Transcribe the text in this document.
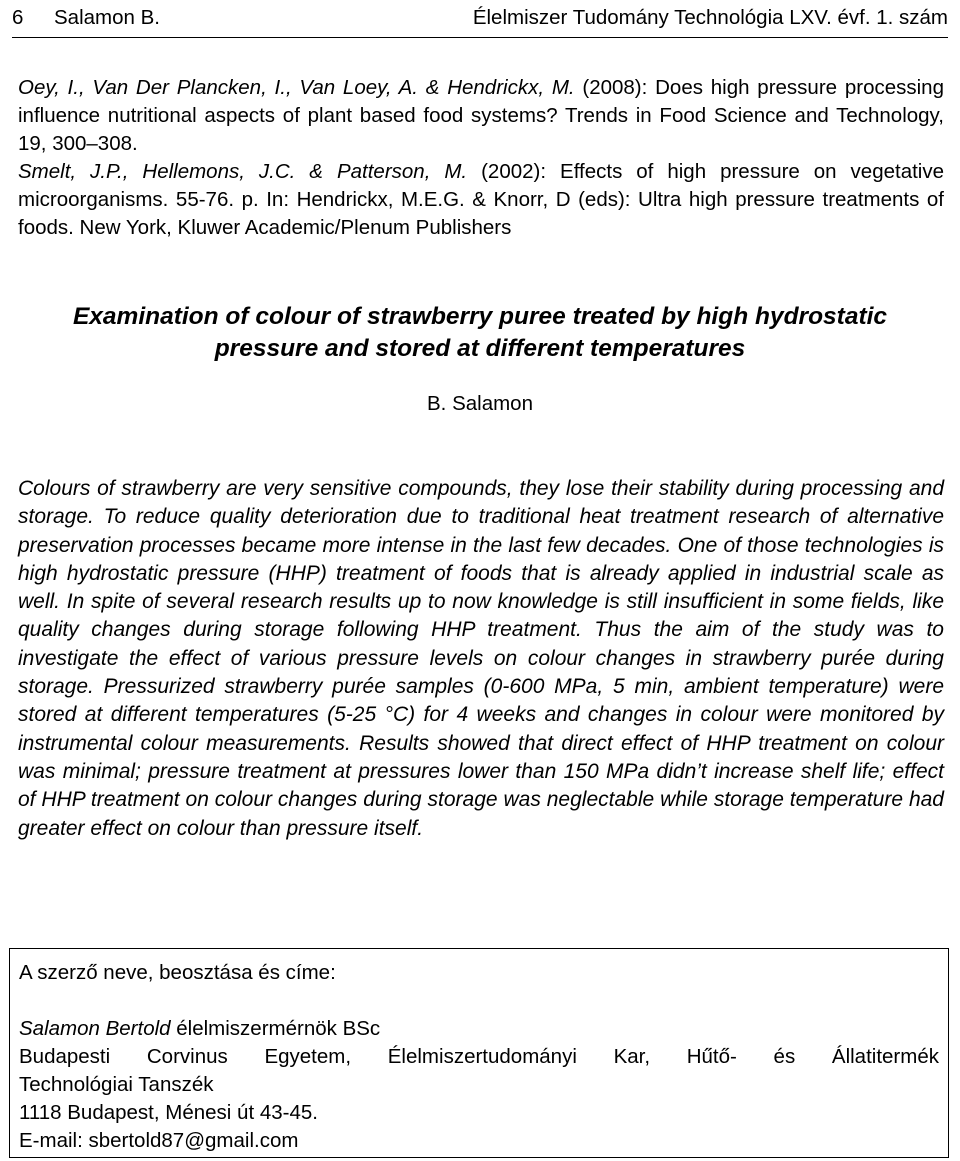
6 Salamon B.	Élelmiszer Tudomány Technológia LXV. évf. 1. szám

Oey, I., Van Der Plancken, I., Van Loey, A. & Hendrickx, M. (2008): Does high pressure processing influence nutritional aspects of plant based food systems? Trends in Food Science and Technology, 19, 300–308.

Smelt, J.P., Hellemons, J.C. & Patterson, M. (2002): Effects of high pressure on vegetative microorganisms. 55-76. p. In: Hendrickx, M.E.G. & Knorr, D (eds): Ultra high pressure treatments of foods. New York, Kluwer Academic/Plenum Publishers

Examination of colour of strawberry puree treated by high hydrostatic pressure and stored at different temperatures
B. Salamon
Colours of strawberry are very sensitive compounds, they lose their stability during processing and storage. To reduce quality deterioration due to traditional heat treatment research of alternative preservation processes became more intense in the last few decades. One of those technologies is high hydrostatic pressure (HHP) treatment of foods that is already applied in industrial scale as well. In spite of several research results up to now knowledge is still insufficient in some fields, like quality changes during storage following HHP treatment. Thus the aim of the study was to investigate the effect of various pressure levels on colour changes in strawberry purée during storage. Pressurized strawberry purée samples (0-600 MPa, 5 min, ambient temperature) were stored at different temperatures (5-25 °C) for 4 weeks and changes in colour were monitored by instrumental colour measurements. Results showed that direct effect of HHP treatment on colour was minimal; pressure treatment at pressures lower than 150 MPa didn’t increase shelf life; effect of HHP treatment on colour changes during storage was neglectable while storage temperature had greater effect on colour than pressure itself.

A szerző neve, beosztása és címe:

Salamon Bertold élelmiszermérnök BSc

Budapesti Corvinus Egyetem, Élelmiszertudományi Kar, Hűtő- és Állatitermék

Technológiai Tanszék

1118 Budapest, Ménesi út 43-45.

E-mail: sbertold87@gmail.com
